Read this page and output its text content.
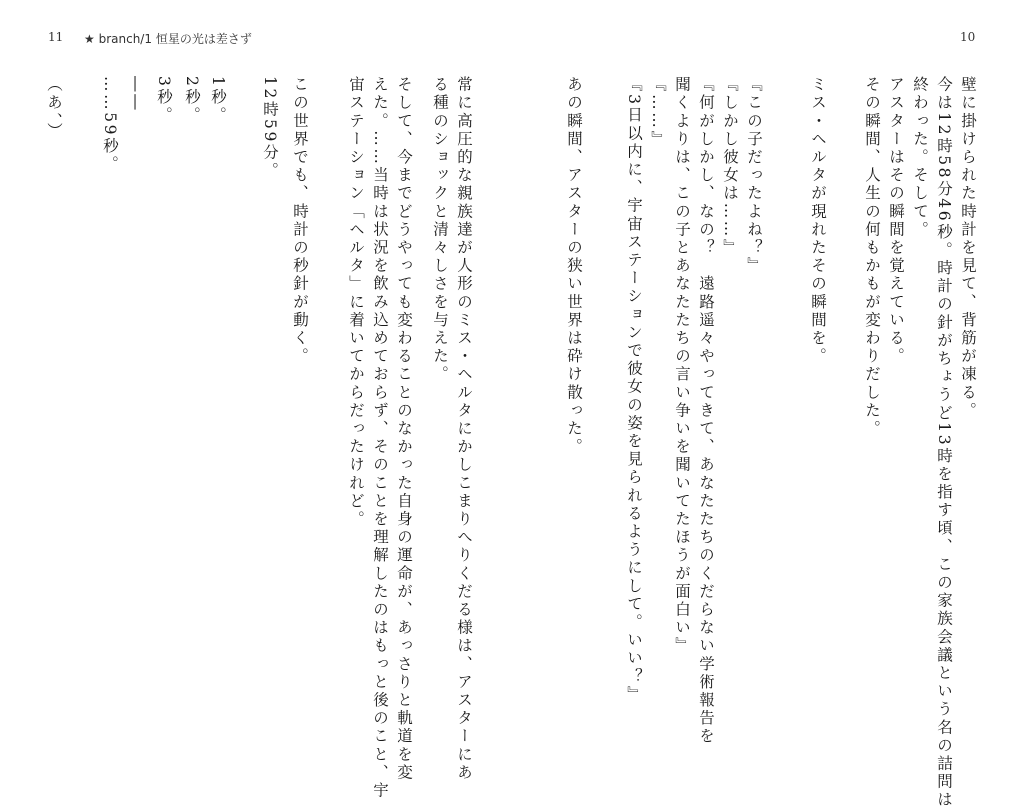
11 ★ branch/1 恒星の光は差さず	10
壁に掛けられた時計を見て、背筋が凍る。
今は12時58分46秒。時計の針がちょうど13時を指す頃、この家族会議という名の詰問は
終わった。そして。
アスターはその瞬間を覚えている。
その瞬間、人生の何もかもが変わりだした。
ミス・ヘルタが現れたその瞬間を。
『この子だったよね？』
『しかし彼女は……』
『何がしかし、なの？　遠路遥々やってきて、あなたたちのくだらない学術報告を
聞くよりは、この子とあなたたちの言い争いを聞いてたほうが面白い』
『……』
『3日以内に、宇宙ステーションで彼女の姿を見られるようにして。いい？』
あの瞬間、アスターの狭い世界は砕け散った。
常に高圧的な親族達が人形のミス・ヘルタにかしこまりへりくだる様は、アスターにあ
る種のショックと清々しさを与えた。
そして、今までどうやっても変わることのなかった自身の運命が、あっさりと軌道を変
えた。……当時は状況を飲み込めておらず、そのことを理解したのはもっと後のこと、宇
宙ステーション「ヘルタ」に着いてからだったけれど。
この世界でも、時計の秒針が動く。
12時59分。
1秒。
2秒。
3秒。
――
……59秒。
（あ、）
